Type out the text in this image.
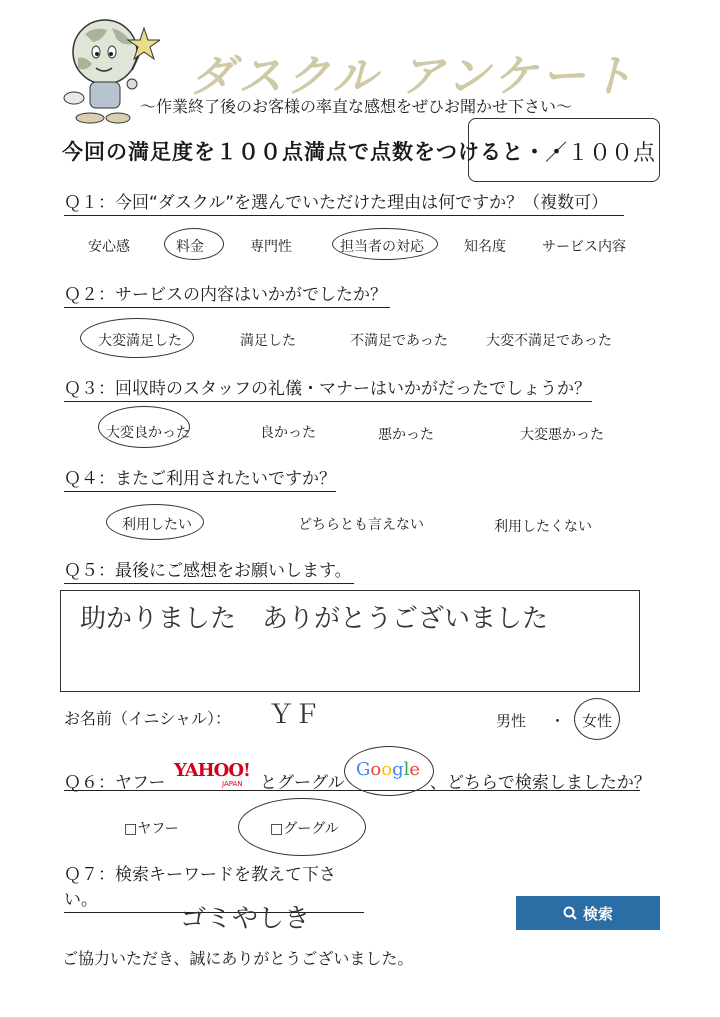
ダスクル アンケート
～作業終了後のお客様の率直な感想をぜひお聞かせ下さい～
今回の満足度を１００点満点で点数をつけると・・
／１００点
Ｑ１：今回“ダスクル”を選んでいただけた理由は何ですか？（複数可）
安心感	料金	専門性	担当者の対応	知名度	サービス内容
Ｑ２：サービスの内容はいかがでしたか？
大変満足した	満足した	不満足であった	大変不満足であった
Ｑ３：回収時のスタッフの礼儀・マナーはいかがだったでしょうか？
大変良かった	良かった	悪かった	大変悪かった
Ｑ４：またご利用されたいですか？
利用したい	どちらとも言えない	利用したくない
Ｑ５：最後にご感想をお願いします。
助かりました　ありがとうございました
お名前（イニシャル）： ＹＦ	男性 ・ 女性
Ｑ６：ヤフー
YAHOO!
JAPAN とグーグル
Google
、どちらで検索しましたか？
□ヤフー	□グーグル
Ｑ７：検索キーワードを教えて下さい。
ゴミやしき	検索
ご協力いただき、誠にありがとうございました。
